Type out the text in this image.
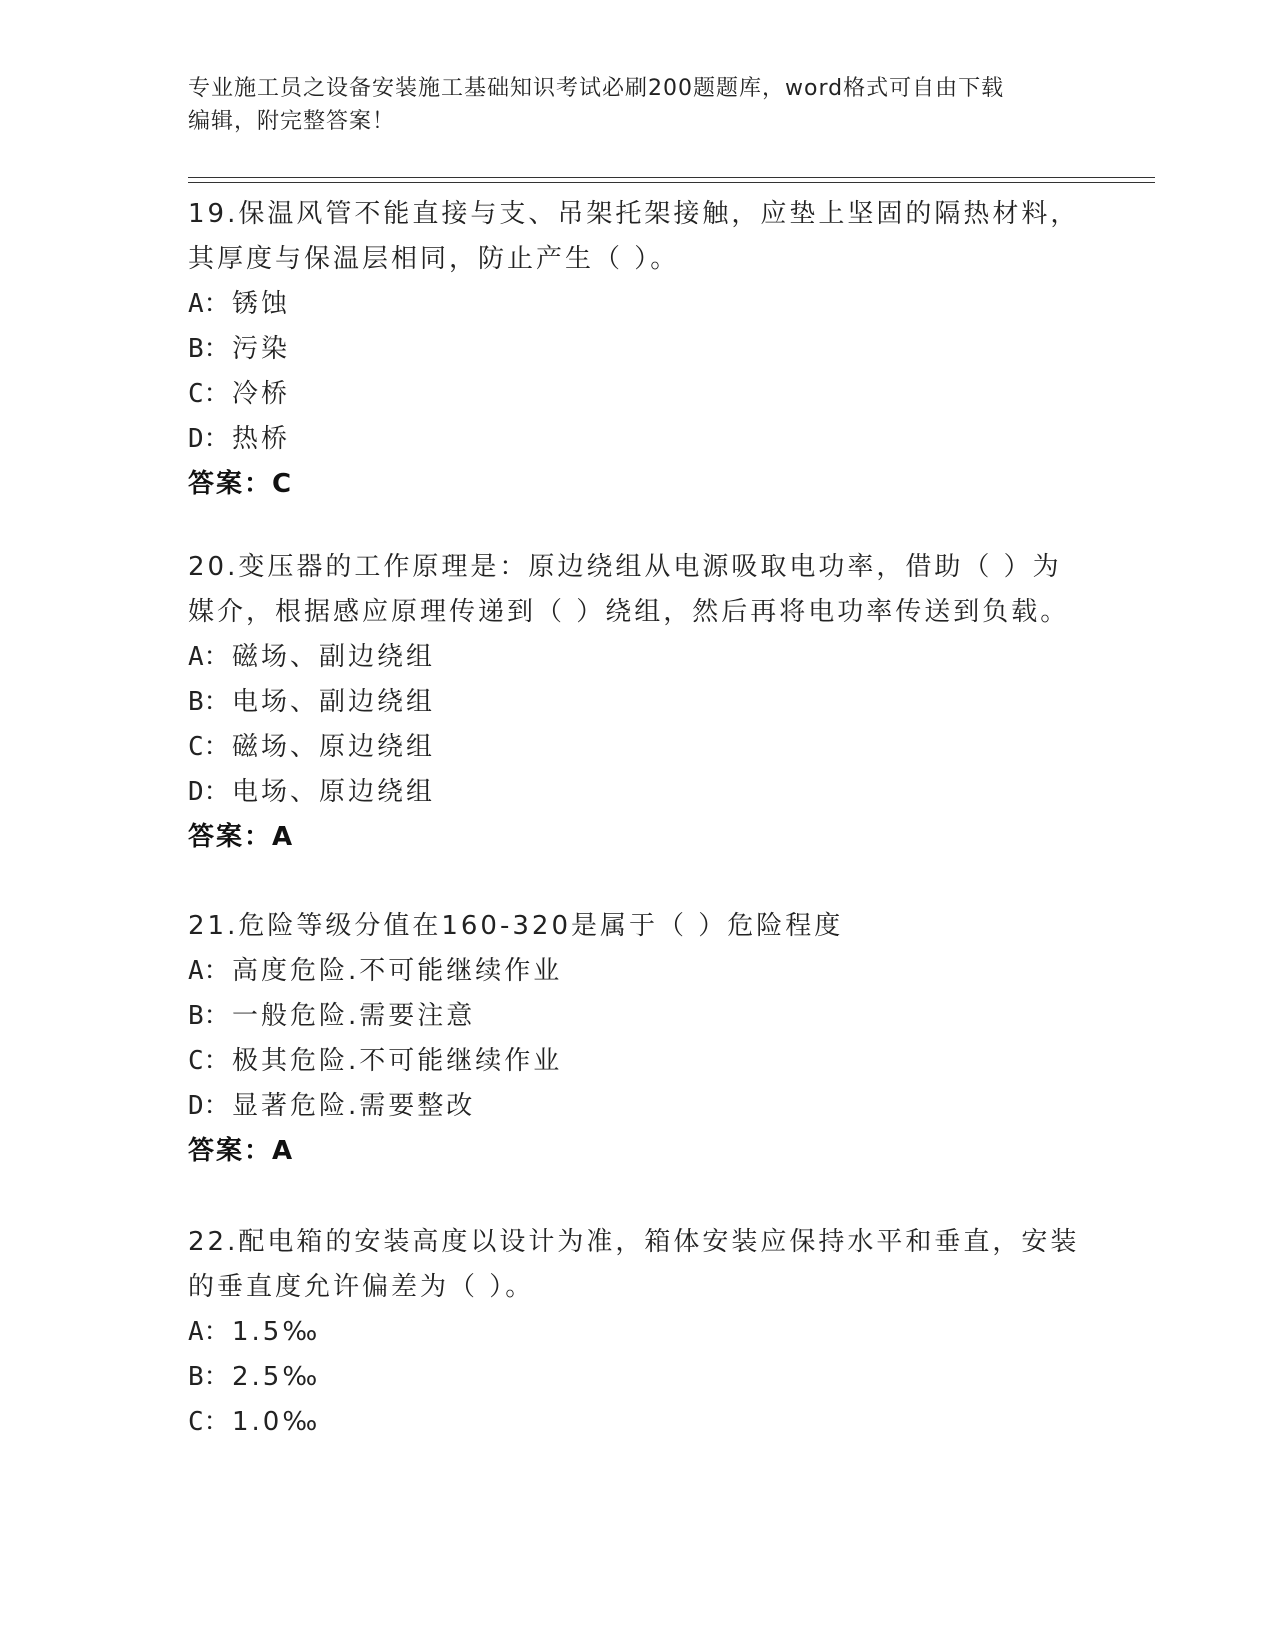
专业施工员之设备安装施工基础知识考试必刷200题题库，word格式可自由下载
编辑，附完整答案！

19.保温风管不能直接与支、吊架托架接触，应垫上坚固的隔热材料，

其厚度与保温层相同，防止产生（ ）。

A：锈蚀

B：污染

C：冷桥

D：热桥

答案：C

20.变压器的工作原理是：原边绕组从电源吸取电功率，借助（ ）为

媒介，根据感应原理传递到（ ）绕组，然后再将电功率传送到负载。

A：磁场、副边绕组

B：电场、副边绕组

C：磁场、原边绕组

D：电场、原边绕组

答案：A

21.危险等级分值在160-320是属于（ ）危险程度

A：高度危险.不可能继续作业

B：一般危险.需要注意

C：极其危险.不可能继续作业

D：显著危险.需要整改

答案：A

22.配电箱的安装高度以设计为准，箱体安装应保持水平和垂直，安装

的垂直度允许偏差为（ ）。

A：1.5‰

B：2.5‰

C：1.0‰
